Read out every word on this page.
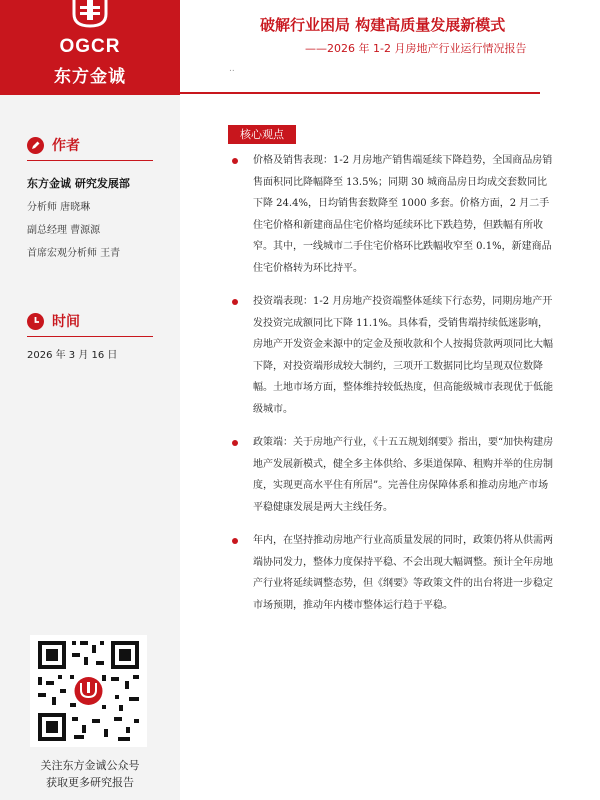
OGCR
东方金诚
作者
东方金诚 研究发展部
分析师 唐晓琳
副总经理 曹源源
首席宏观分析师 王青
时间
2026 年 3 月 16 日
关注东方金诚公众号
获取更多研究报告
破解行业困局 构建高质量发展新模式
——2026 年 1-2 月房地产行业运行情况报告
..
核心观点
价格及销售表现：1-2 月房地产销售端延续下降趋势，全国商品房销售面积同比降幅降至 13.5%；同期 30 城商品房日均成交套数同比下降 24.4%，日均销售套数降至 1000 多套。价格方面，2 月二手住宅价格和新建商品住宅价格均延续环比下跌趋势，但跌幅有所收窄。其中，一线城市二手住宅价格环比跌幅收窄至 0.1%，新建商品住宅价格转为环比持平。
投资端表现：1-2 月房地产投资端整体延续下行态势，同期房地产开发投资完成额同比下降 11.1%。具体看，受销售端持续低迷影响，房地产开发资金来源中的定金及预收款和个人按揭贷款两项同比大幅下降，对投资端形成较大制约，三项开工数据同比均呈现双位数降幅。土地市场方面，整体维持较低热度，但高能级城市表现优于低能级城市。
政策端：关于房地产行业，《十五五规划纲要》指出，要“加快构建房地产发展新模式，健全多主体供给、多渠道保障、租购并举的住房制度，实现更高水平住有所居”。完善住房保障体系和推动房地产市场平稳健康发展是两大主线任务。
年内，在坚持推动房地产行业高质量发展的同时，政策仍将从供需两端协同发力，整体力度保持平稳、不会出现大幅调整。预计全年房地产行业将延续调整态势，但《纲要》等政策文件的出台将进一步稳定市场预期，推动年内楼市整体运行趋于平稳。
